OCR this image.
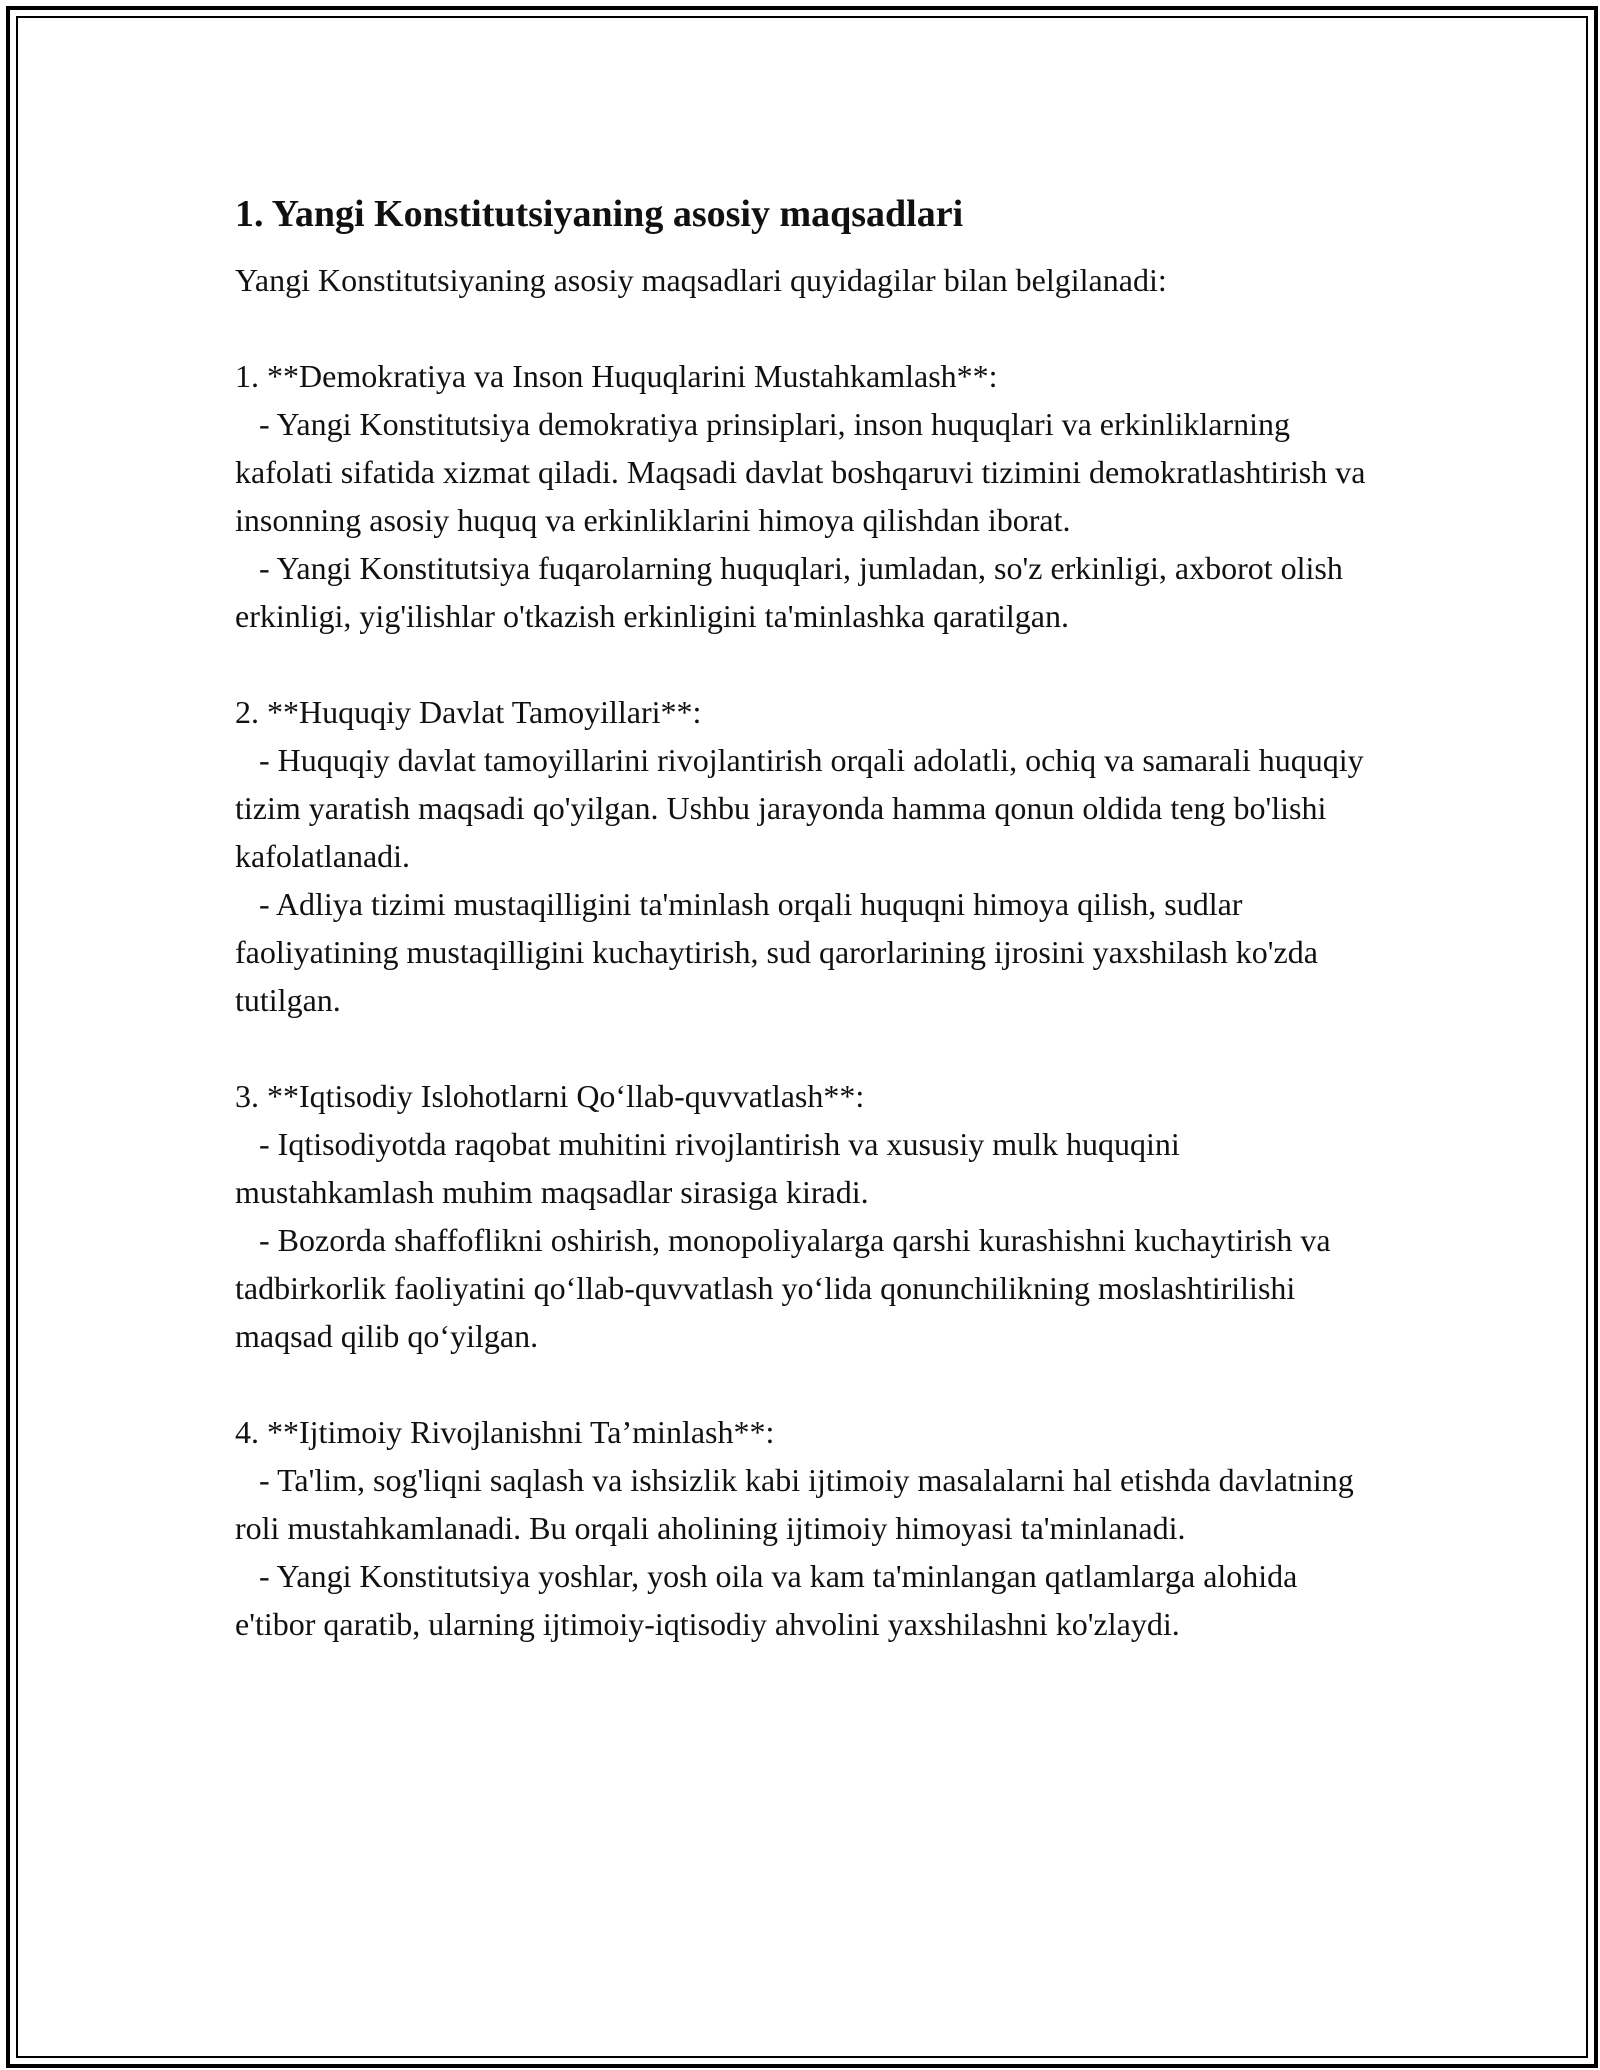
1. Yangi Konstitutsiyaning asosiy maqsadlari

Yangi Konstitutsiyaning asosiy maqsadlari quyidagilar bilan belgilanadi:

1. **Demokratiya va Inson Huquqlarini Mustahkamlash**:

- Yangi Konstitutsiya demokratiya prinsiplari, inson huquqlari va erkinliklarning kafolati sifatida xizmat qiladi. Maqsadi davlat boshqaruvi tizimini demokratlashtirish va insonning asosiy huquq va erkinliklarini himoya qilishdan iborat.

- Yangi Konstitutsiya fuqarolarning huquqlari, jumladan, so'z erkinligi, axborot olish erkinligi, yig'ilishlar o'tkazish erkinligini ta'minlashka qaratilgan.

2. **Huquqiy Davlat Tamoyillari**:

- Huquqiy davlat tamoyillarini rivojlantirish orqali adolatli, ochiq va samarali huquqiy tizim yaratish maqsadi qo'yilgan. Ushbu jarayonda hamma qonun oldida teng bo'lishi kafolatlanadi.

- Adliya tizimi mustaqilligini ta'minlash orqali huquqni himoya qilish, sudlar faoliyatining mustaqilligini kuchaytirish, sud qarorlarining ijrosini yaxshilash ko'zda tutilgan.

3. **Iqtisodiy Islohotlarni Qo‘llab-quvvatlash**:

- Iqtisodiyotda raqobat muhitini rivojlantirish va xususiy mulk huquqini mustahkamlash muhim maqsadlar sirasiga kiradi.

- Bozorda shaffoflikni oshirish, monopoliyalarga qarshi kurashishni kuchaytirish va tadbirkorlik faoliyatini qo‘llab-quvvatlash yo‘lida qonunchilikning moslashtirilishi maqsad qilib qo‘yilgan.

4. **Ijtimoiy Rivojlanishni Ta’minlash**:

- Ta'lim, sog'liqni saqlash va ishsizlik kabi ijtimoiy masalalarni hal etishda davlatning roli mustahkamlanadi. Bu orqali aholining ijtimoiy himoyasi ta'minlanadi.

- Yangi Konstitutsiya yoshlar, yosh oila va kam ta'minlangan qatlamlarga alohida e'tibor qaratib, ularning ijtimoiy-iqtisodiy ahvolini yaxshilashni ko'zlaydi.
